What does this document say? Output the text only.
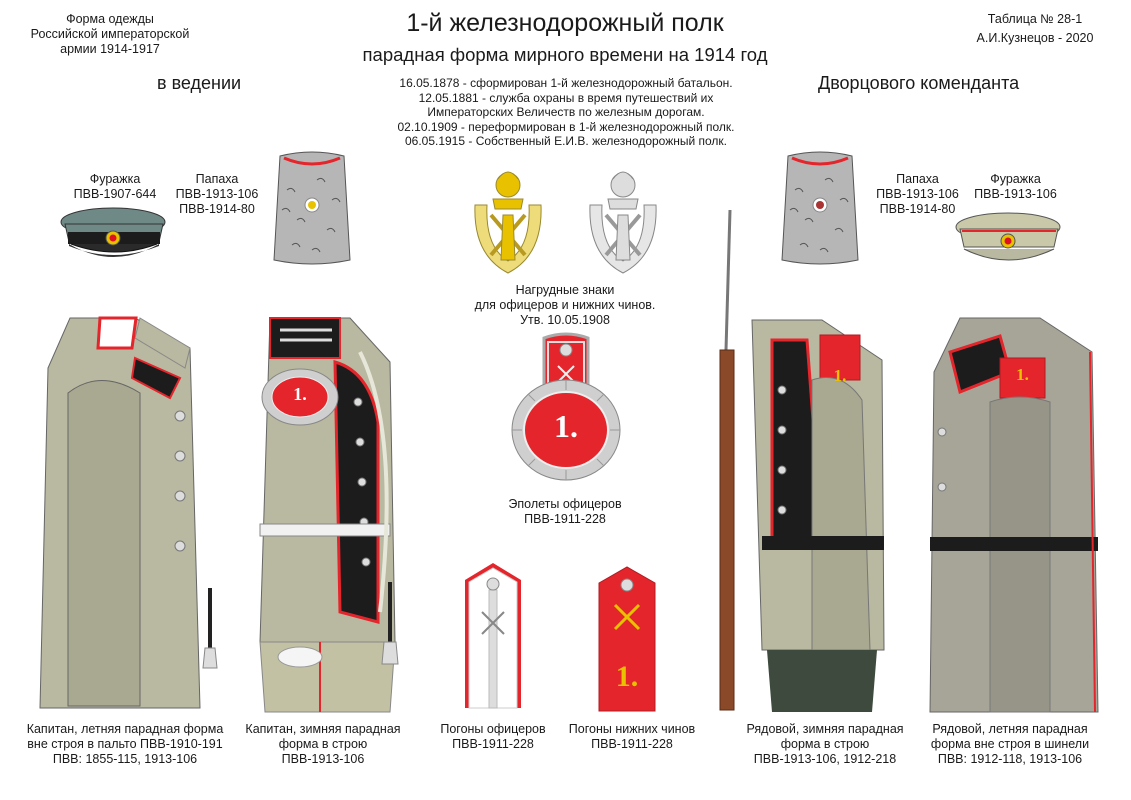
Форма одежды
Российской императорской
армии 1914-1917
1-й железнодорожный полк
парадная форма мирного времени на 1914 год
Таблица № 28-1
А.И.Кузнецов - 2020
в ведении	Дворцового коменданта
16.05.1878 - сформирован 1-й железнодорожный батальон.
12.05.1881 - служба охраны в время путешествий их
Императорских Величеств по железным дорогам.
02.10.1909 - переформирован в 1-й железнодорожный полк.
06.05.1915 - Собственный Е.И.В. железнодорожный полк.
Фуражка
ПВВ-1907-644
Папаха
ПВВ-1913-106
ПВВ-1914-80
Папаха
ПВВ-1913-106
ПВВ-1914-80
Фуражка
ПВВ-1913-106
Нагрудные знаки
для офицеров и нижних чинов.
Утв. 10.05.1908
1.
Эполеты офицеров
ПВВ-1911-228
1.
Погоны офицеров
ПВВ-1911-228
Погоны нижних чинов
ПВВ-1911-228
1.
1.	1.
Капитан, летняя парадная форма
вне строя в пальто ПВВ-1910-191
ПВВ: 1855-115, 1913-106
Капитан, зимняя парадная
форма в строю
ПВВ-1913-106
Рядовой, зимняя парадная
форма в строю
ПВВ-1913-106, 1912-218
Рядовой, летняя парадная
форма вне строя в шинели
ПВВ: 1912-118, 1913-106
